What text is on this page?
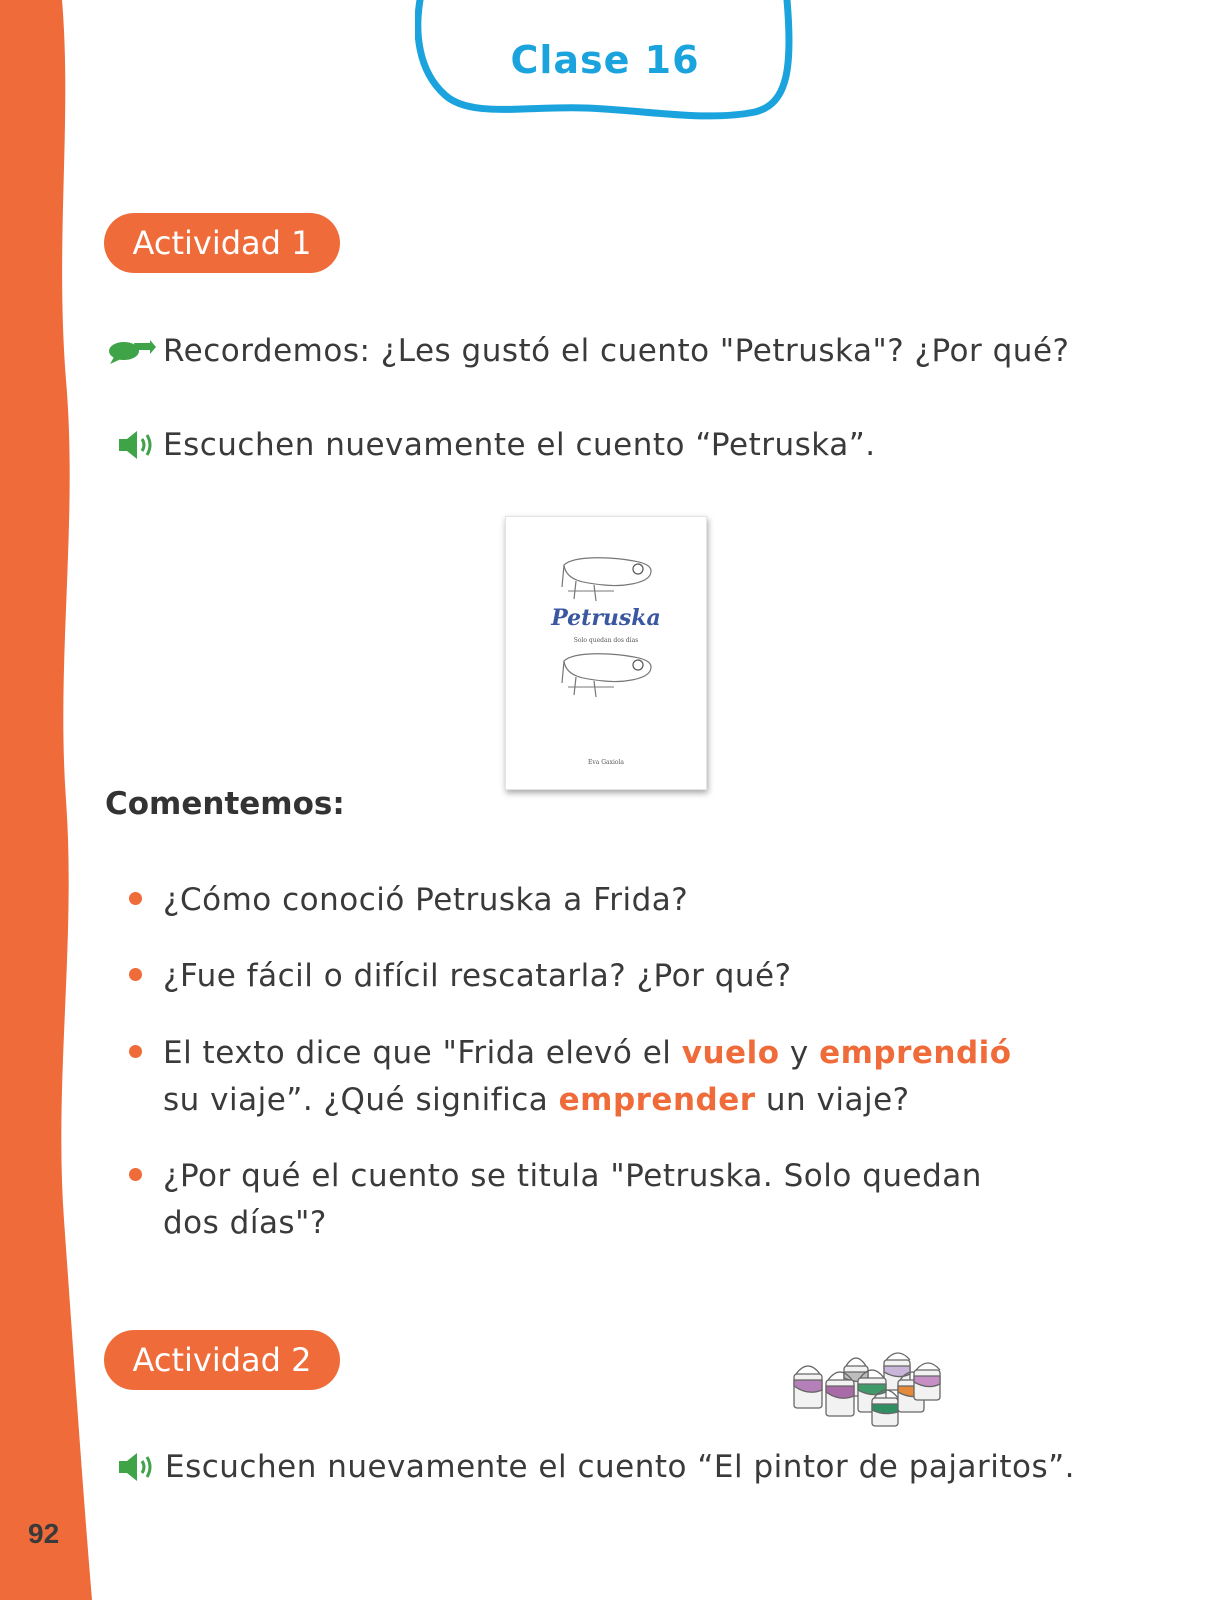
92
Clase 16
Actividad 1
Recordemos: ¿Les gustó el cuento "Petruska"? ¿Por qué?
Escuchen nuevamente el cuento “Petruska”.
Petruska
Solo quedan dos días
Eva Gaxiola
Comentemos:
¿Cómo conoció Petruska a Frida?
¿Fue fácil o difícil rescatarla? ¿Por qué?
El texto dice que "Frida elevó el vuelo y emprendió
su viaje”. ¿Qué significa emprender un viaje?
¿Por qué el cuento se titula "Petruska. Solo quedan
dos días"?
Actividad 2
Escuchen nuevamente el cuento “El pintor de pajaritos”.
